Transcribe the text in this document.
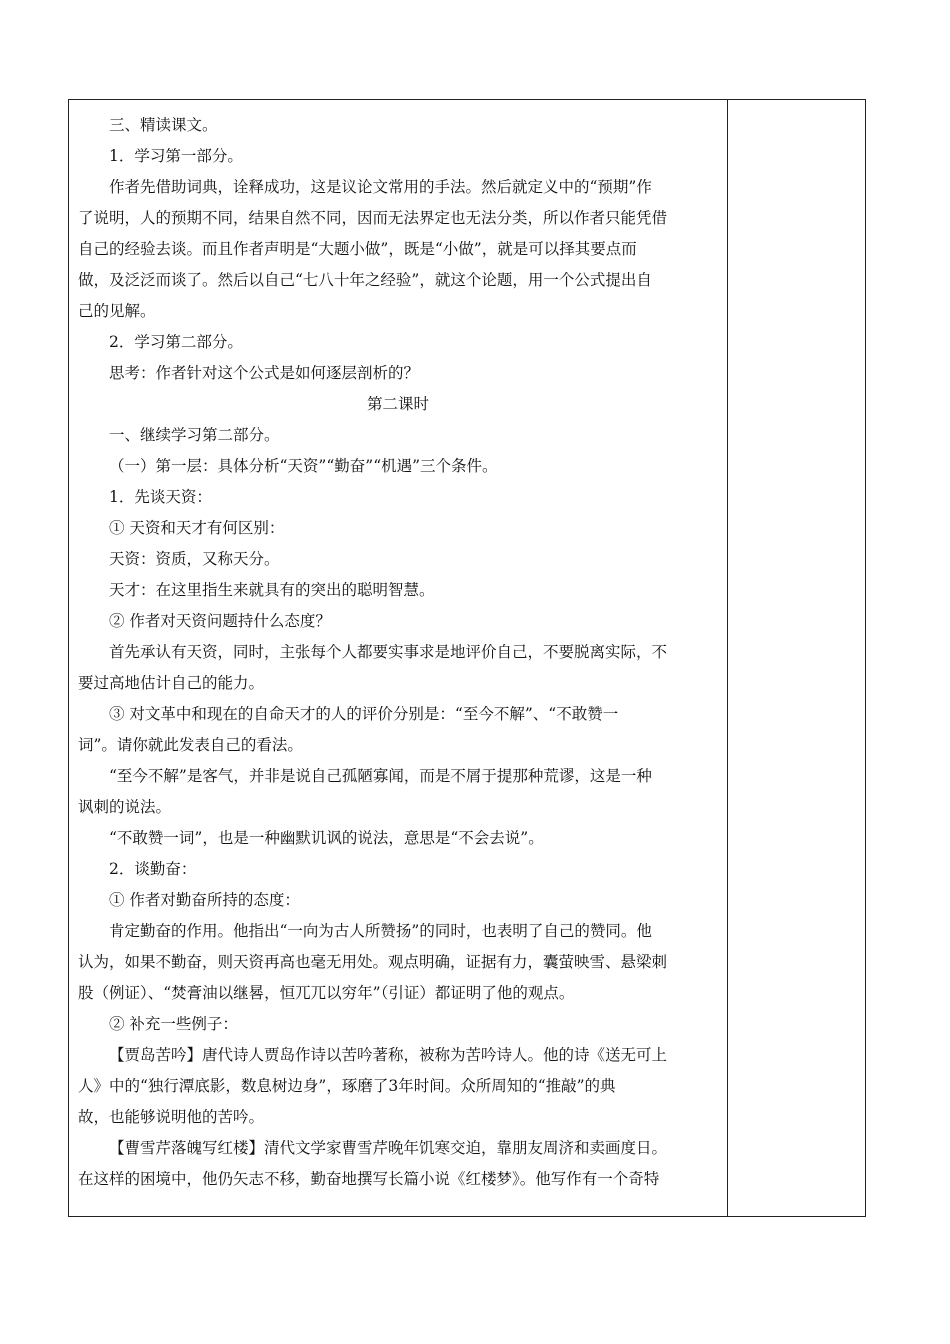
三、精读课文。
1．学习第一部分。
作者先借助词典，诠释成功，这是议论文常用的手法。然后就定义中的“预期”作
了说明，人的预期不同，结果自然不同，因而无法界定也无法分类，所以作者只能凭借
自己的经验去谈。而且作者声明是“大题小做”，既是“小做”，就是可以择其要点而
做，及泛泛而谈了。然后以自己“七八十年之经验”，就这个论题，用一个公式提出自
己的见解。
2．学习第二部分。
思考：作者针对这个公式是如何逐层剖析的？
第二课时
一、继续学习第二部分。
（一）第一层：具体分析“天资”“勤奋”“机遇”三个条件。
1．先谈天资：
① 天资和天才有何区别：
天资：资质，又称天分。
天才：在这里指生来就具有的突出的聪明智慧。
② 作者对天资问题持什么态度？
首先承认有天资，同时，主张每个人都要实事求是地评价自己，不要脱离实际，不
要过高地估计自己的能力。
③ 对文革中和现在的自命天才的人的评价分别是：“至今不解”、“不敢赞一
词”。请你就此发表自己的看法。
“至今不解”是客气，并非是说自己孤陋寡闻，而是不屑于提那种荒谬，这是一种
讽刺的说法。
“不敢赞一词”，也是一种幽默讥讽的说法，意思是“不会去说”。
2．谈勤奋：
① 作者对勤奋所持的态度：
肯定勤奋的作用。他指出“一向为古人所赞扬”的同时，也表明了自己的赞同。他
认为，如果不勤奋，则天资再高也毫无用处。观点明确，证据有力，囊萤映雪、悬梁刺
股（例证）、“焚膏油以继晷，恒兀兀以穷年”（引证）都证明了他的观点。
② 补充一些例子：
【贾岛苦吟】唐代诗人贾岛作诗以苦吟著称，被称为苦吟诗人。他的诗《送无可上
人》中的“独行潭底影，数息树边身”，琢磨了3年时间。众所周知的“推敲”的典
故，也能够说明他的苦吟。
【曹雪芹落魄写红楼】清代文学家曹雪芹晚年饥寒交迫，靠朋友周济和卖画度日。
在这样的困境中，他仍矢志不移，勤奋地撰写长篇小说《红楼梦》。他写作有一个奇特
